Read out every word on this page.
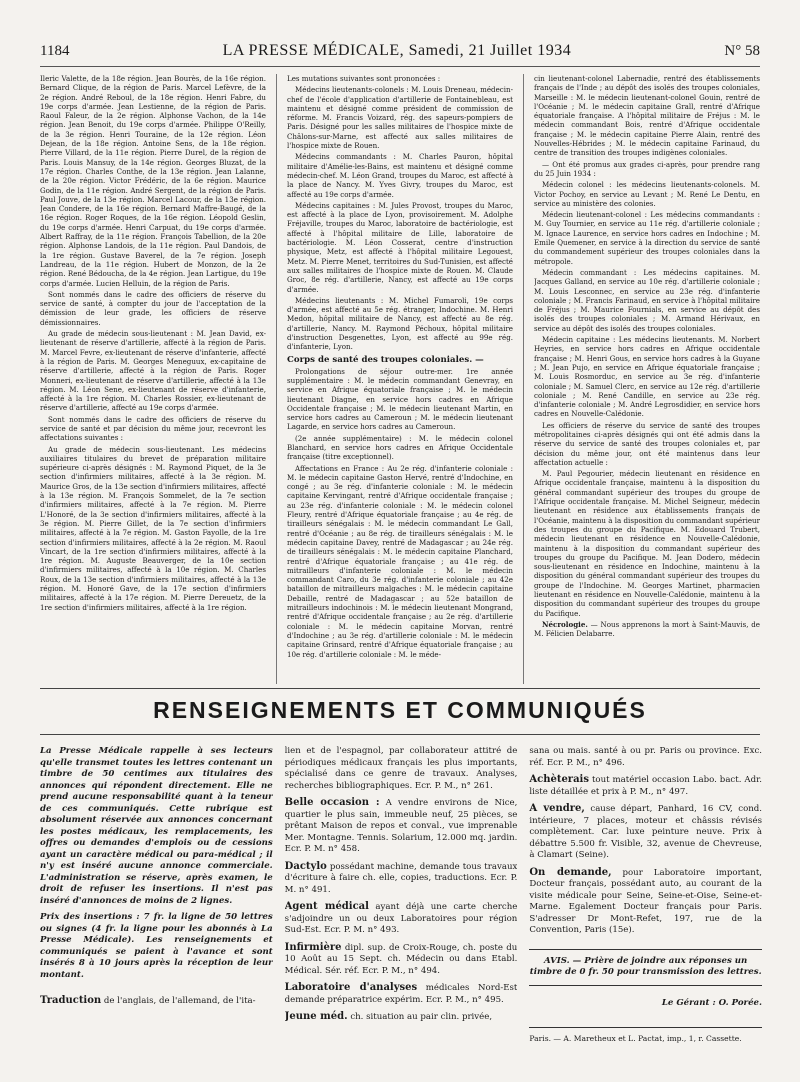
1184	LA PRESSE MÉDICALE, Samedi, 21 Juillet 1934	N° 58

Ileric Valette, de la 18e région. Jean Bourès, de la 16e région. Bernard Clique, de la région de Paris. Marcel Lefèvre, de la 2e région. André Reboul, de la 18e région. Henri Fabre, du 19e corps d'armée. Jean Lestienne, de la région de Paris. Raoul Faleur, de la 2e région. Alphonse Vachon, de la 14e région. Jean Benoit, du 19e corps d'armée. Philippe O'Reilly, de la 3e région. Henri Touraine, de la 12e région. Léon Dejean, de la 18e région. Antoine Sens, de la 18e région. Pierre Villard, de la 11e région. Pierre Durel, de la région de Paris. Louis Mansuy, de la 14e région. Georges Bluzat, de la 17e région. Charles Conthe, de la 13e région. Jean Lalanne, de la 20e région. Victor Frédéric, de la 6e région. Maurice Godin, de la 11e région. André Sergent, de la région de Paris. Paul Jouve, de la 13e région. Marcel Lacour, de la 13e région. Jean Condere, de la 16e région. Bernard Maffre-Baugé, de la 16e région. Roger Roques, de la 16e région. Léopold Geslin, du 19e corps d'armée. Henri Carpuat, du 19e corps d'armée. Albert Raffray, de la 11e région. François Tabellion, de la 20e région. Alphonse Landois, de la 11e région. Paul Dandois, de la 1re région. Gustave Baverel, de la 7e région. Joseph Landreau, de la 11e région. Hubert de Monzon, de la 2e région. René Bédoucha, de la 4e région. Jean Lartigue, du 19e corps d'armée. Lucien Helluin, de la région de Paris.

Sont nommés dans le cadre des officiers de réserve du service de santé, à compter du jour de l'acceptation de la démission de leur grade, les officiers de réserve démissionnaires.

Au grade de médecin sous-lieutenant : M. Jean David, ex-lieutenant de réserve d'artillerie, affecté à la région de Paris. M. Marcel Fevre, ex-lieutenant de réserve d'infanterie, affecté à la région de Paris. M. Georges Meneguux, ex-capitaine de réserve d'artillerie, affecté à la région de Paris. Roger Monneri, ex-lieutenant de réserve d'artillerie, affecté à la 13e région. M. Léon Sene, ex-lieutenant de réserve d'infanterie, affecté à la 1re région. M. Charles Rossier, ex-lieutenant de réserve d'artillerie, affecté au 19e corps d'armée.

Sont nommés dans le cadre des officiers de réserve du service de santé et par décision du même jour, recevront les affectations suivantes :

Au grade de médecin sous-lieutenant. Les médecins auxiliaires titulaires du brevet de préparation militaire supérieure ci-après désignés : M. Raymond Piquet, de la 3e section d'infirmiers militaires, affecté à la 3e région. M. Maurice Gros, de la 13e section d'infirmiers militaires, affecté à la 13e région. M. François Sommelet, de la 7e section d'infirmiers militaires, affecté à la 7e région. M. Pierre L'Honoré, de la 3e section d'infirmiers militaires, affecté à la 3e région. M. Pierre Gillet, de la 7e section d'infirmiers militaires, affecté à la 7e région. M. Gaston Fayolle, de la 1re section d'infirmiers militaires, affecté à la 2e région. M. Raoul Vincart, de la 1re section d'infirmiers militaires, affecté à la 1re région. M. Auguste Beauverger, de la 10e section d'infirmiers militaires, affecté à la 10e région. M. Charles Roux, de la 13e section d'infirmiers militaires, affecté à la 13e région. M. Honoré Gave, de la 17e section d'infirmiers militaires, affecté à la 17e région. M. Pierre Dereuetz, de la 1re section d'infirmiers militaires, affecté à la 1re région.

Les mutations suivantes sont prononcées :

Médecins lieutenants-colonels : M. Louis Dreneau, médecin-chef de l'école d'application d'artillerie de Fontainebleau, est maintenu et désigné comme président de commission de réforme. M. Francis Voizard, rég. des sapeurs-pompiers de Paris. Désigné pour les salles militaires de l'hospice mixte de Châlons-sur-Marne, est affecté aux salles militaires de l'hospice mixte de Rouen.

Médecins commandants : M. Charles Pauron, hôpital militaire d'Amélie-les-Bains, est maintenu et désigné comme médecin-chef. M. Léon Grand, troupes du Maroc, est affecté à la place de Nancy. M. Yves Givry, troupes du Maroc, est affecté au 19e corps d'armée.

Médecins capitaines : M. Jules Provost, troupes du Maroc, est affecté à la place de Lyon, provisoirement. M. Adolphe Fréjaville, troupes du Maroc, laboratoire de bactériologie, est affecté à l'hôpital militaire de Lille, laboratoire de bactériologie. M. Léon Cosserat, centre d'instruction physique, Metz, est affecté à l'hôpital militaire Legouest, Metz. M. Pierre Menet, territoires du Sud-Tunisien, est affecté aux salles militaires de l'hospice mixte de Rouen. M. Claude Groc, 8e rég. d'artillerie, Nancy, est affecté au 19e corps d'armée.

Médecins lieutenants : M. Michel Fumaroli, 19e corps d'armée, est affecté au 5e rég. étranger, Indochine. M. Henri Medon, hôpital militaire de Nancy, est affecté au 8e rég. d'artillerie, Nancy. M. Raymond Péchoux, hôpital militaire d'instruction Desgenettes, Lyon, est affecté au 99e rég. d'infanterie, Lyon.

Corps de santé des troupes coloniales. —

Prolongations de séjour outre-mer. 1re année supplémentaire : M. le médecin commandant Genevray, en service en Afrique équatoriale française ; M. le médecin lieutenant Diagne, en service hors cadres en Afrique Occidentale française ; M. le médecin lieutenant Martin, en service hors cadres au Cameroun ; M. le médecin lieutenant Lagarde, en service hors cadres au Cameroun.

(2e année supplémentaire) : M. le médecin colonel Blanchard, en service hors cadres en Afrique Occidentale française (titre exceptionnel).

Affectations en France : Au 2e rég. d'infanterie coloniale : M. le médecin capitaine Gaston Hervé, rentré d'Indochine, en congé ; au 3e rég. d'infanterie coloniale : M. le médecin capitaine Kervingant, rentré d'Afrique occidentale française ; au 23e rég. d'infanterie coloniale : M. le médecin colonel Fleury, rentré d'Afrique équatoriale française ; au 4e rég. de tirailleurs sénégalais : M. le médecin commandant Le Gall, rentré d'Océanie ; au 8e rég. de tirailleurs sénégalais : M. le médecin capitaine Davey, rentré de Madagascar ; au 24e rég. de tirailleurs sénégalais : M. le médecin capitaine Planchard, rentré d'Afrique équatoriale française ; au 41e rég. de mitrailleurs d'infanterie coloniale : M. le médecin commandant Caro, du 3e rég. d'infanterie coloniale ; au 42e bataillon de mitrailleurs malgaches : M. le médecin capitaine Debaille, rentré de Madagascar ; au 52e bataillon de mitrailleurs indochinois : M. le médecin lieutenant Mongrand, rentré d'Afrique occidentale française ; au 2e rég. d'artillerie coloniale : M. le médecin capitaine Morvan, rentré d'Indochine ; au 3e rég. d'artillerie coloniale : M. le médecin capitaine Grinsard, rentré d'Afrique équatoriale française ; au 10e rég. d'artillerie coloniale : M. le méde-

cin lieutenant-colonel Labernadie, rentré des établissements français de l'Inde ; au dépôt des isolés des troupes coloniales, Marseille : M. le médecin lieutenant-colonel Gouin, rentré de l'Océanie ; M. le médecin capitaine Grall, rentré d'Afrique équatoriale française. A l'hôpital militaire de Fréjus : M. le médecin commandant Bois, rentré d'Afrique occidentale française ; M. le médecin capitaine Pierre Alain, rentré des Nouvelles-Hébrides ; M. le médecin capitaine Farinaud, du centre de transition des troupes indigènes coloniales.

— Ont été promus aux grades ci-après, pour prendre rang du 25 Juin 1934 :

Médecin colonel : les médecins lieutenants-colonels. M. Victor Pochoy, en service au Levant ; M. René Le Dentu, en service au ministère des colonies.

Médecin lieutenant-colonel : Les médecins commandants : M. Guy Tournier, en service au 11e rég. d'artillerie coloniale ; M. Ignace Laurence, en service hors cadres en Indochine ; M. Emile Quemener, en service à la direction du service de santé du commandement supérieur des troupes coloniales dans la métropole.

Médecin commandant : Les médecins capitaines. M. Jacques Galland, en service au 10e rég. d'artillerie coloniale ; M. Louis Lesconnec, en service au 23e rég. d'infanterie coloniale ; M. Francis Farinaud, en service à l'hôpital militaire de Fréjus ; M. Maurice Fournials, en service au dépôt des isolés des troupes coloniales ; M. Armand Hérivaux, en service au dépôt des isolés des troupes coloniales.

Médecin capitaine : Les médecins lieutenants. M. Norbert Heyries, en service hors cadres en Afrique occidentale française ; M. Henri Gous, en service hors cadres à la Guyane ; M. Jean Pujo, en service en Afrique équatoriale française ; M. Louis Rosmorduc, en service au 3e rég. d'infanterie coloniale ; M. Samuel Clerc, en service au 12e rég. d'artillerie coloniale ; M. René Candille, en service au 23e rég. d'infanterie coloniale ; M. André Legrosdidier, en service hors cadres en Nouvelle-Calédonie.

Les officiers de réserve du service de santé des troupes métropolitaines ci-après désignés qui ont été admis dans la réserve du service de santé des troupes coloniales et, par décision du même jour, ont été maintenus dans leur affectation actuelle :

M. Paul Pegourier, médecin lieutenant en résidence en Afrique occidentale française, maintenu à la disposition du général commandant supérieur des troupes du groupe de l'Afrique occidentale française. M. Michel Seigneur, médecin lieutenant en résidence aux établissements français de l'Océanie, maintenu à la disposition du commandant supérieur des troupes du groupe du Pacifique. M. Edouard Trubert, médecin lieutenant en résidence en Nouvelle-Calédonie, maintenu à la disposition du commandant supérieur des troupes du groupe du Pacifique. M. Jean Dodero, médecin sous-lieutenant en résidence en Indochine, maintenu à la disposition du général commandant supérieur des troupes du groupe de l'Indochine. M. Georges Martinet, pharmacien lieutenant en résidence en Nouvelle-Calédonie, maintenu à la disposition du commandant supérieur des troupes du groupe du Pacifique.

Nécrologie. — Nous apprenons la mort à Saint-Mauvis, de M. Félicien Delabarre.

RENSEIGNEMENTS ET COMMUNIQUÉS

La Presse Médicale rappelle à ses lecteurs qu'elle transmet toutes les lettres contenant un timbre de 50 centimes aux titulaires des annonces qui répondent directement. Elle ne prend aucune responsabilité quant à la teneur de ces communiqués. Cette rubrique est absolument réservée aux annonces concernant les postes médicaux, les remplacements, les offres ou demandes d'emplois ou de cessions ayant un caractère médical ou para-médical ; il n'y est inséré aucune annonce commerciale. L'administration se réserve, après examen, le droit de refuser les insertions. Il n'est pas inséré d'annonces de moins de 2 lignes.

Prix des insertions : 7 fr. la ligne de 50 lettres ou signes (4 fr. la ligne pour les abonnés à La Presse Médicale). Les renseignements et communiqués se paient à l'avance et sont insérés 8 à 10 jours après la réception de leur montant.

Traduction de l'anglais, de l'allemand, de l'ita-

lien et de l'espagnol, par collaborateur attitré de périodiques médicaux français les plus importants, spécialisé dans ce genre de travaux. Analyses, recherches bibliographiques. Ecr. P. M., n° 261.

Belle occasion : A vendre environs de Nice, quartier le plus sain, immeuble neuf, 25 pièces, se prêtant Maison de repos et conval., vue imprenable Mer. Montagne. Tennis. Solarium, 12.000 mq. jardin. Ecr. P. M. n° 458.

Dactylo possédant machine, demande tous travaux d'écriture à faire ch. elle, copies, traductions. Ecr. P. M. n° 491.

Agent médical ayant déjà une carte cherche s'adjoindre un ou deux Laboratoires pour région Sud-Est. Ecr. P. M. n° 493.

Infirmière dipl. sup. de Croix-Rouge, ch. poste du 10 Août au 15 Sept. ch. Médecin ou dans Etabl. Médical. Sér. réf. Ecr. P. M., n° 494.

Laboratoire d'analyses médicales Nord-Est demande préparatrice expérim. Ecr. P. M., n° 495.

Jeune méd. ch. situation au pair clin. privée,

sana ou mais. santé à ou pr. Paris ou province. Exc. réf. Ecr. P. M., n° 496.

Achèterais tout matériel occasion Labo. bact. Adr. liste détaillée et prix à P. M., n° 497.

A vendre, cause départ, Panhard, 16 CV, cond. intérieure, 7 places, moteur et châssis révisés complètement. Car. luxe peinture neuve. Prix à débattre 5.500 fr. Visible, 32, avenue de Chevreuse, à Clamart (Seine).

On demande, pour Laboratoire important, Docteur français, possédant auto, au courant de la visite médicale pour Seine, Seine-et-Oise, Seine-et-Marne. Egalement Docteur français pour Paris. S'adresser Dr Mont-Refet, 197, rue de la Convention, Paris (15e).

AVIS. — Prière de joindre aux réponses un timbre de 0 fr. 50 pour transmission des lettres.
Le Gérant : O. Porée.
Paris. — A. Maretheux et L. Pactat, imp., 1, r. Cassette.
